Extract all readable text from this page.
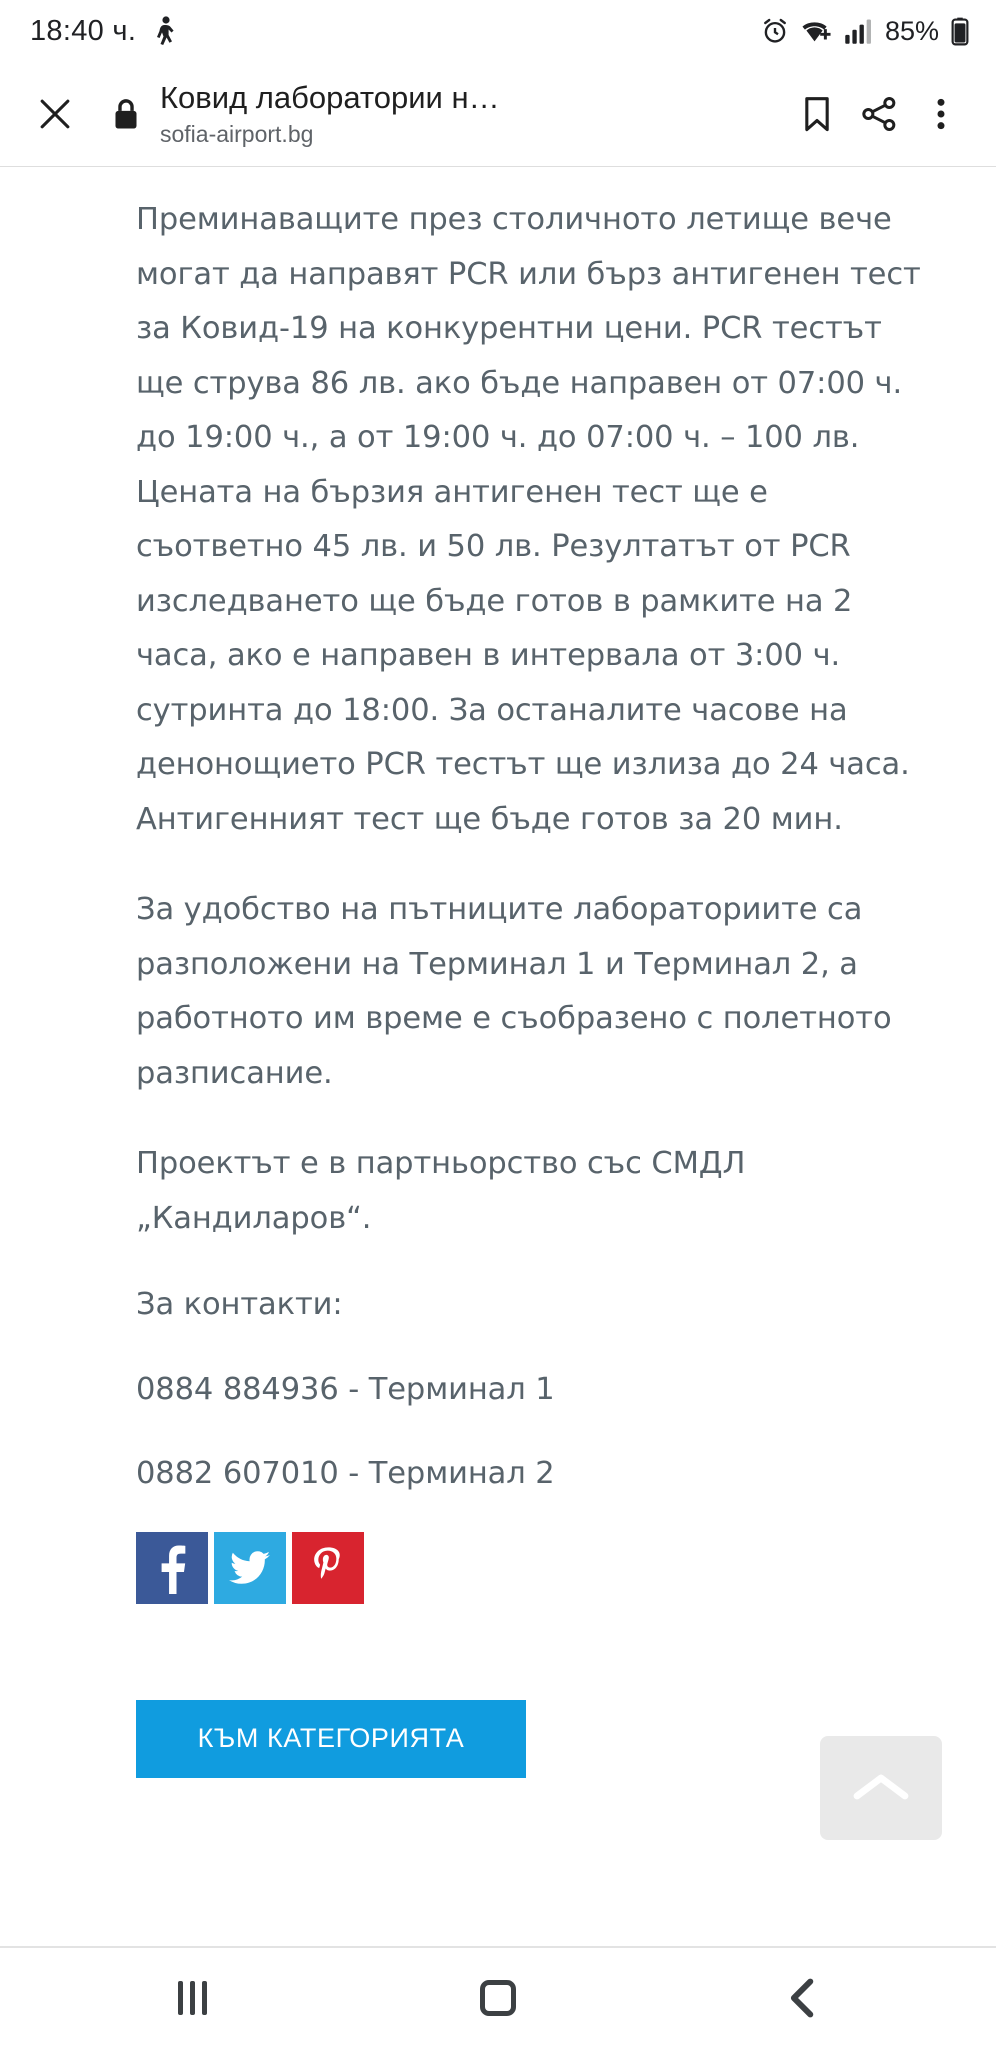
18:40 ч.	85%
Ковид лаборатории н…
sofia-airport.bg

Преминаващите през столичното летище вече могат да направят PCR или бърз антигенен тест за Ковид-19 на конкурентни цени. PCR тестът ще струва 86 лв. ако бъде направен от 07:00 ч. до 19:00 ч., а от 19:00 ч. до 07:00 ч. – 100 лв. Цената на бързия антигенен тест ще е съответно 45 лв. и 50 лв. Резултатът от PCR изследването ще бъде готов в рамките на 2 часа, ако е направен в интервала от 3:00 ч. сутринта до 18:00. За останалите часове на денонощието PCR тестът ще излиза до 24 часа. Антигенният тест ще бъде готов за 20 мин.

За удобство на пътниците лабораториите са разположени на Терминал 1 и Терминал 2, а работното им време е съобразено с полетното разписание.

Проектът е в партньорство със СМДЛ „Кандиларов“.

За контакти:

0884 884936 - Терминал 1

0882 607010 - Терминал 2

КЪМ КАТЕГОРИЯТА
